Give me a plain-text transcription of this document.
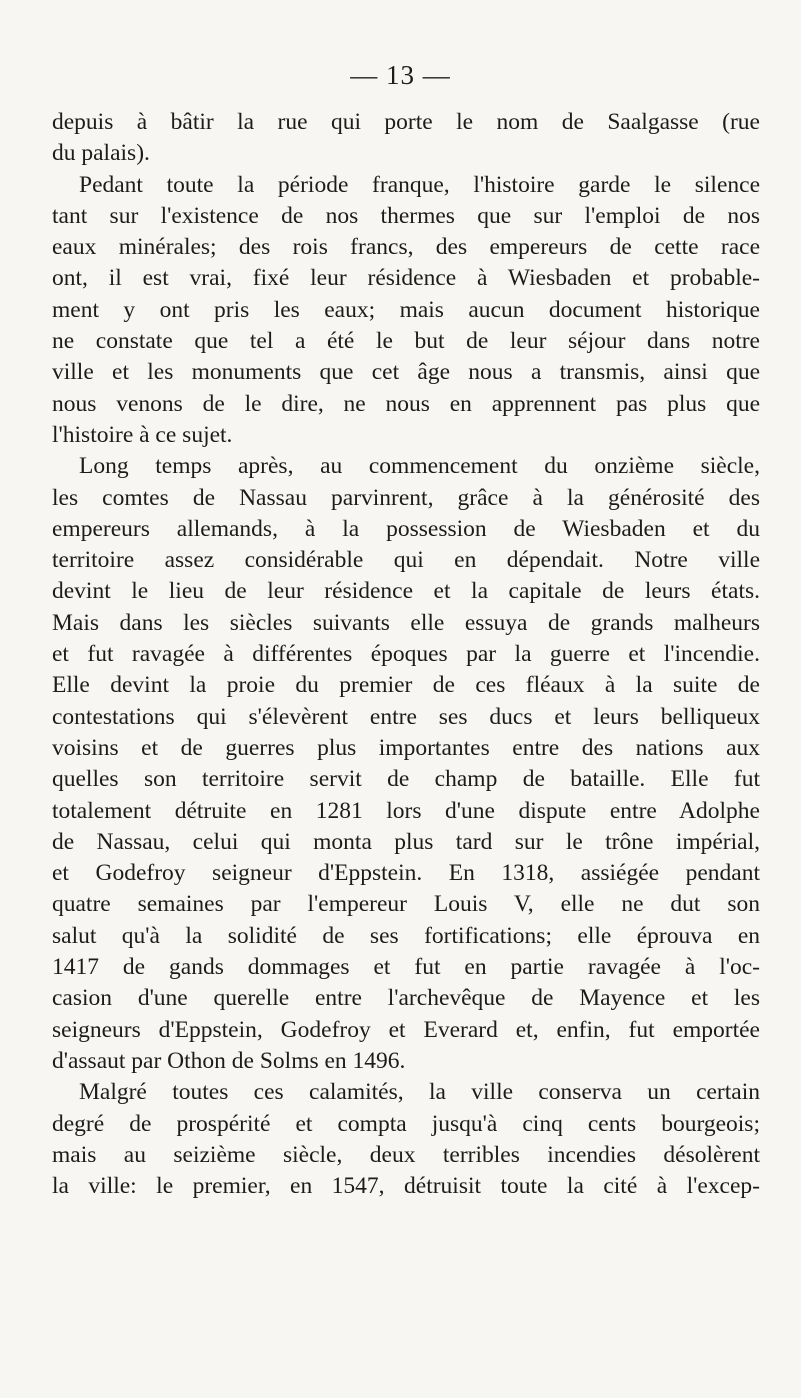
— 13 —
depuis à bâtir la rue qui porte le nom de Saalgasse (rue
du palais).
Pedant toute la période franque, l'histoire garde le silence
tant sur l'existence de nos thermes que sur l'emploi de nos
eaux minérales; des rois francs, des empereurs de cette race
ont, il est vrai, fixé leur résidence à Wiesbaden et probable-
ment y ont pris les eaux; mais aucun document historique
ne constate que tel a été le but de leur séjour dans notre
ville et les monuments que cet âge nous a transmis, ainsi que
nous venons de le dire, ne nous en apprennent pas plus que
l'histoire à ce sujet.
Long temps après, au commencement du onzième siècle,
les comtes de Nassau parvinrent, grâce à la générosité des
empereurs allemands, à la possession de Wiesbaden et du
territoire assez considérable qui en dépendait. Notre ville
devint le lieu de leur résidence et la capitale de leurs états.
Mais dans les siècles suivants elle essuya de grands malheurs
et fut ravagée à différentes époques par la guerre et l'incendie.
Elle devint la proie du premier de ces fléaux à la suite de
contestations qui s'élevèrent entre ses ducs et leurs belliqueux
voisins et de guerres plus importantes entre des nations aux
quelles son territoire servit de champ de bataille. Elle fut
totalement détruite en 1281 lors d'une dispute entre Adolphe
de Nassau, celui qui monta plus tard sur le trône impérial,
et Godefroy seigneur d'Eppstein. En 1318, assiégée pendant
quatre semaines par l'empereur Louis V, elle ne dut son
salut qu'à la solidité de ses fortifications; elle éprouva en
1417 de gands dommages et fut en partie ravagée à l'oc-
casion d'une querelle entre l'archevêque de Mayence et les
seigneurs d'Eppstein, Godefroy et Everard et, enfin, fut emportée
d'assaut par Othon de Solms en 1496.
Malgré toutes ces calamités, la ville conserva un certain
degré de prospérité et compta jusqu'à cinq cents bourgeois;
mais au seizième siècle, deux terribles incendies désolèrent
la ville: le premier, en 1547, détruisit toute la cité à l'excep-
